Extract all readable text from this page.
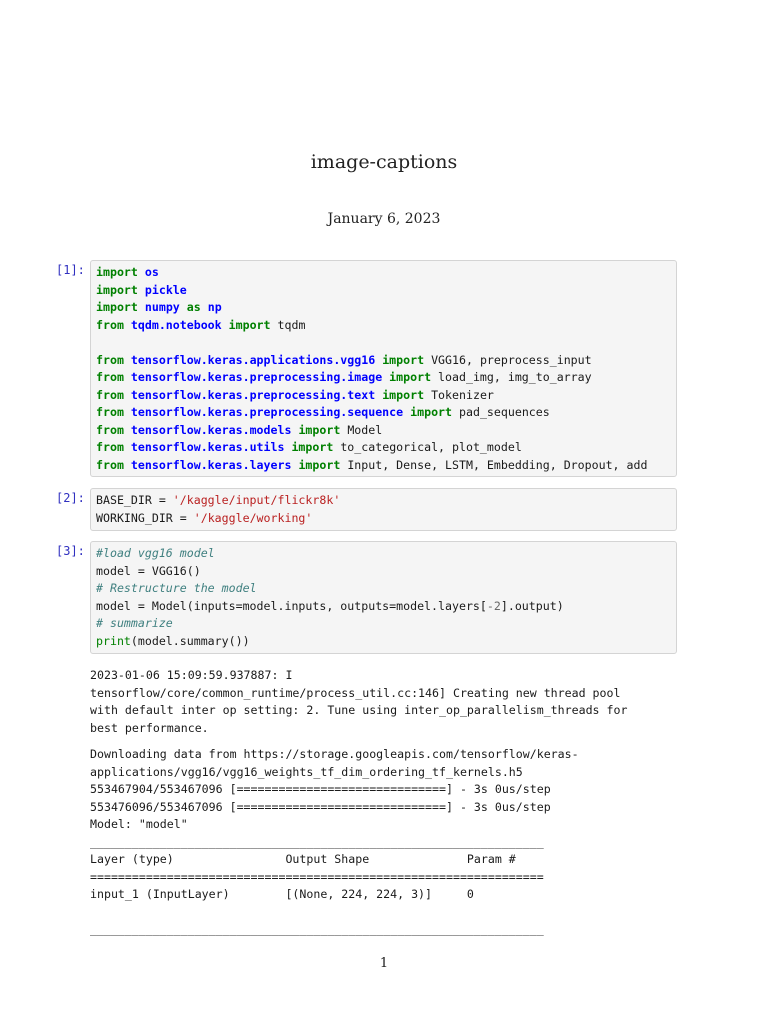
image-captions
January 6, 2023
[1]: import os
import pickle
import numpy as np
from tqdm.notebook import tqdm

from tensorflow.keras.applications.vgg16 import VGG16, preprocess_input
from tensorflow.keras.preprocessing.image import load_img, img_to_array
from tensorflow.keras.preprocessing.text import Tokenizer
from tensorflow.keras.preprocessing.sequence import pad_sequences
from tensorflow.keras.models import Model
from tensorflow.keras.utils import to_categorical, plot_model
from tensorflow.keras.layers import Input, Dense, LSTM, Embedding, Dropout, add
[2]: BASE_DIR = '/kaggle/input/flickr8k'
WORKING_DIR = '/kaggle/working'
[3]: #load vgg16 model
model = VGG16()
# Restructure the model
model = Model(inputs=model.inputs, outputs=model.layers[-2].output)
# summarize
print(model.summary())
2023-01-06 15:09:59.937887: I
tensorflow/core/common_runtime/process_util.cc:146] Creating new thread pool
with default inter op setting: 2. Tune using inter_op_parallelism_threads for
best performance.
Downloading data from https://storage.googleapis.com/tensorflow/keras-
applications/vgg16/vgg16_weights_tf_dim_ordering_tf_kernels.h5
553467904/553467096 [==============================] - 3s 0us/step
553476096/553467096 [==============================] - 3s 0us/step
Model: "model"
_________________________________________________________________
Layer (type)                Output Shape              Param #
=================================================================
input_1 (InputLayer)        [(None, 224, 224, 3)]     0

_________________________________________________________________
1
